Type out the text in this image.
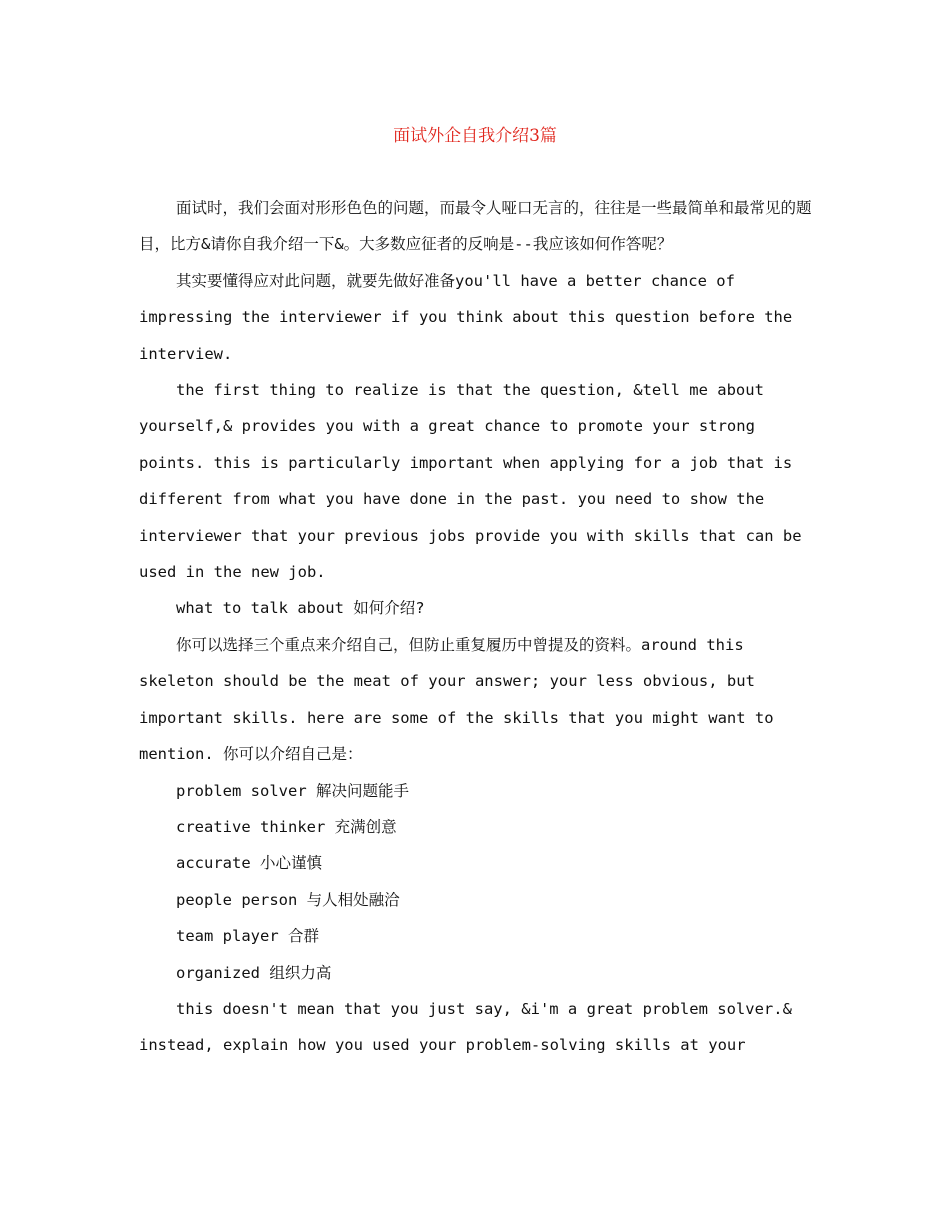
面试外企自我介绍3篇

面试时，我们会面对形形色色的问题，而最令人哑口无言的，往往是一些最简单和最常见的题目，比方&请你自我介绍一下&。大多数应征者的反响是--我应该如何作答呢？

其实要懂得应对此问题，就要先做好准备you'll have a better chance of impressing the interviewer if you think about this question before the interview.

the first thing to realize is that the question, &tell me about yourself,& provides you with a great chance to promote your strong points. this is particularly important when applying for a job that is different from what you have done in the past. you need to show the interviewer that your previous jobs provide you with skills that can be used in the new job.

what to talk about 如何介绍?

你可以选择三个重点来介绍自己，但防止重复履历中曾提及的资料。around this skeleton should be the meat of your answer; your less obvious, but important skills. here are some of the skills that you might want to mention. 你可以介绍自己是：

problem solver 解决问题能手

creative thinker 充满创意

accurate 小心谨慎

people person 与人相处融洽

team player 合群

organized 组织力高

this doesn't mean that you just say, &i'm a great problem solver.& instead, explain how you used your problem-solving skills at your
